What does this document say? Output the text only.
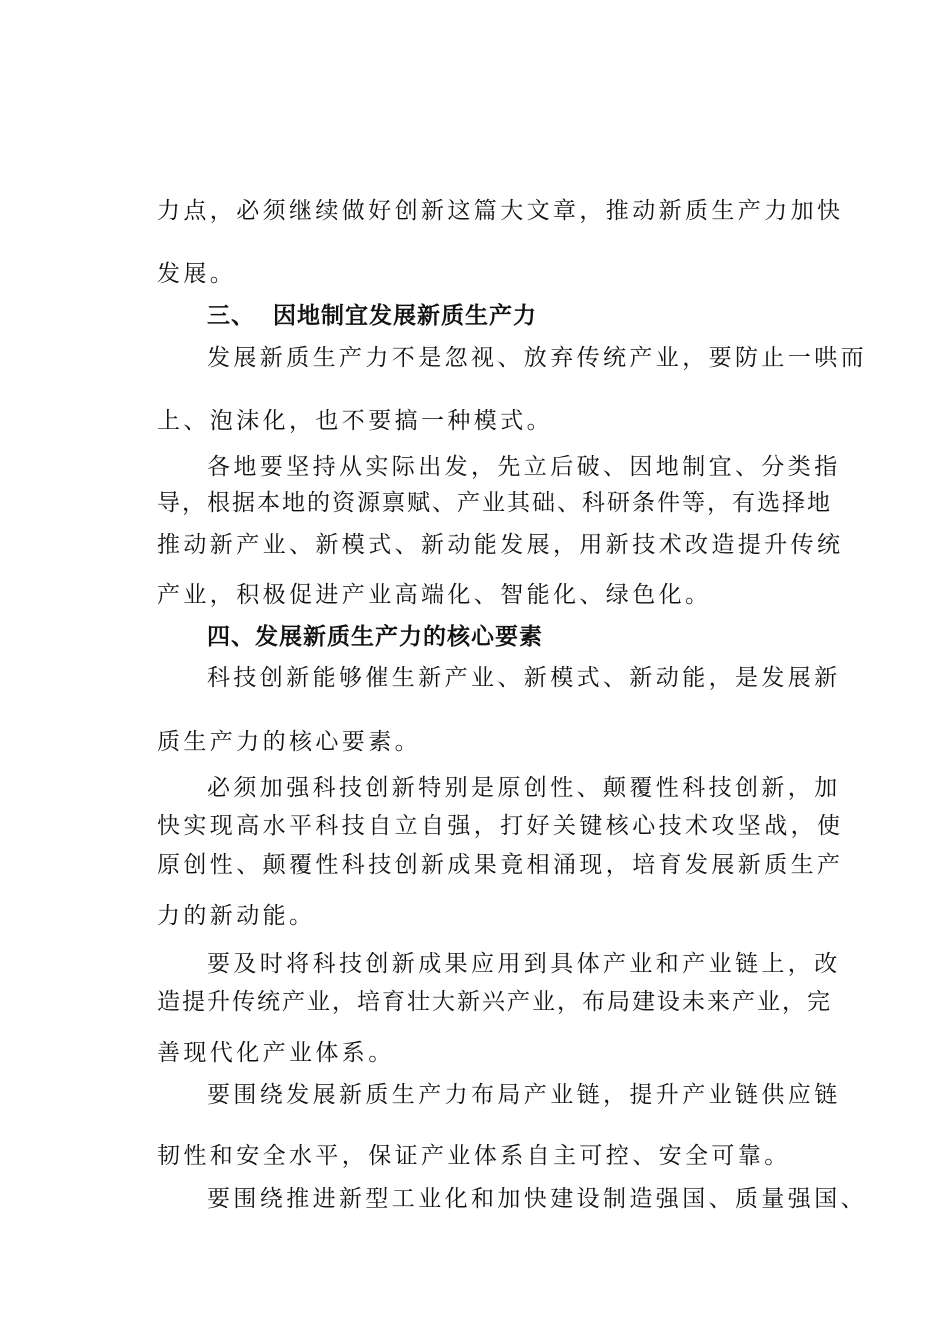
力点，必须继续做好创新这篇大文章，推动新质生产力加快

发展。

三、  因地制宜发展新质生产力

发展新质生产力不是忽视、放弃传统产业，要防止一哄而

上、泡沫化，也不要搞一种模式。

各地要坚持从实际出发，先立后破、因地制宜、分类指

导，根据本地的资源禀赋、产业其础、科研条件等，有选择地

推动新产业、新模式、新动能发展，用新技术改造提升传统

产业，积极促进产业高端化、智能化、绿色化。

四、发展新质生产力的核心要素

科技创新能够催生新产业、新模式、新动能，是发展新

质生产力的核心要素。

必须加强科技创新特别是原创性、颠覆性科技创新，加

快实现高水平科技自立自强，打好关键核心技术攻坚战，使

原创性、颠覆性科技创新成果竟相涌现，培育发展新质生产

力的新动能。

要及时将科技创新成果应用到具体产业和产业链上，改

造提升传统产业，培育壮大新兴产业，布局建设未来产业，完

善现代化产业体系。

要围绕发展新质生产力布局产业链，提升产业链供应链

韧性和安全水平，保证产业体系自主可控、安全可靠。

要围绕推进新型工业化和加快建设制造强国、质量强国、
